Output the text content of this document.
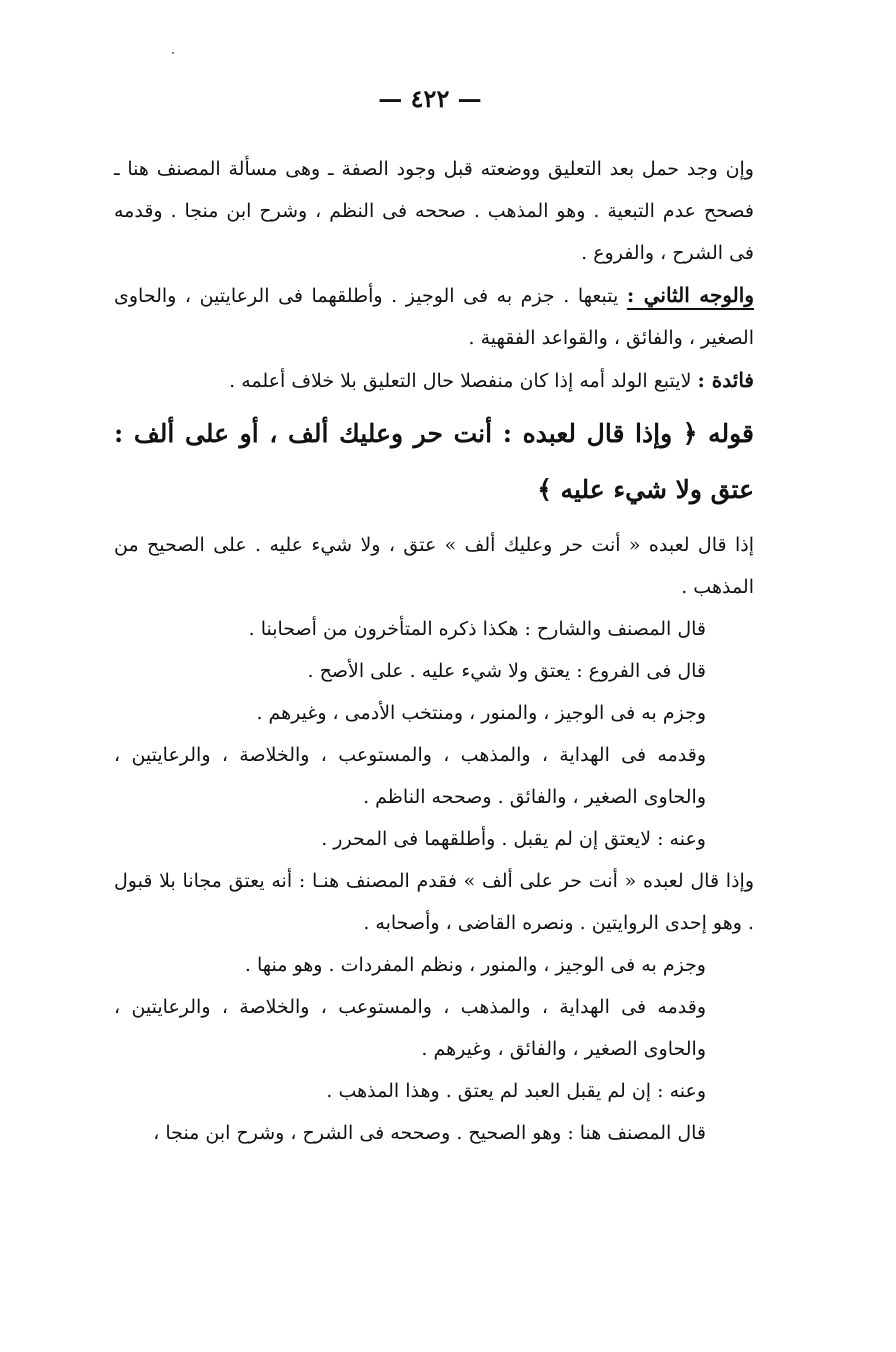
— ٤٢٢ —

وإن وجد حمل بعد التعليق ووضعته قبل وجود الصفة ـ وهى مسألة المصنف هنا ـ فصحح عدم التبعية . وهو المذهب . صححه فى النظم ، وشرح ابن منجا . وقدمه فى الشرح ، والفروع .

والوجه الثاني : يتبعها . جزم به فى الوجيز . وأطلقهما فى الرعايتين ، والحاوى الصغير ، والفائق ، والقواعد الفقهية .

فائدة : لايتبع الولد أمه إذا كان منفصلا حال التعليق بلا خلاف أعلمه .

قوله ﴿ وإذا قال لعبده : أنت حر وعليك ألف ، أو على ألف : عتق ولا شيء عليه ﴾

إذا قال لعبده « أنت حر وعليك ألف » عتق ، ولا شيء عليه . على الصحيح من المذهب .

قال المصنف والشارح : هكذا ذكره المتأخرون من أصحابنا .

قال فى الفروع : يعتق ولا شيء عليه . على الأصح .

وجزم به فى الوجيز ، والمنور ، ومنتخب الأدمى ، وغيرهم .

وقدمه فى الهداية ، والمذهب ، والمستوعب ، والخلاصة ، والرعايتين ، والحاوى الصغير ، والفائق . وصححه الناظم .

وعنه : لايعتق إن لم يقبل . وأطلقهما فى المحرر .

وإذا قال لعبده « أنت حر على ألف » فقدم المصنف هنـا : أنه يعتق مجانا بلا قبول . وهو إحدى الروايتين . ونصره القاضى ، وأصحابه .

وجزم به فى الوجيز ، والمنور ، ونظم المفردات . وهو منها .

وقدمه فى الهداية ، والمذهب ، والمستوعب ، والخلاصة ، والرعايتين ، والحاوى الصغير ، والفائق ، وغيرهم .

وعنه : إن لم يقبل العبد لم يعتق . وهذا المذهب .

قال المصنف هنا : وهو الصحيح . وصححه فى الشرح ، وشرح ابن منجا ،
